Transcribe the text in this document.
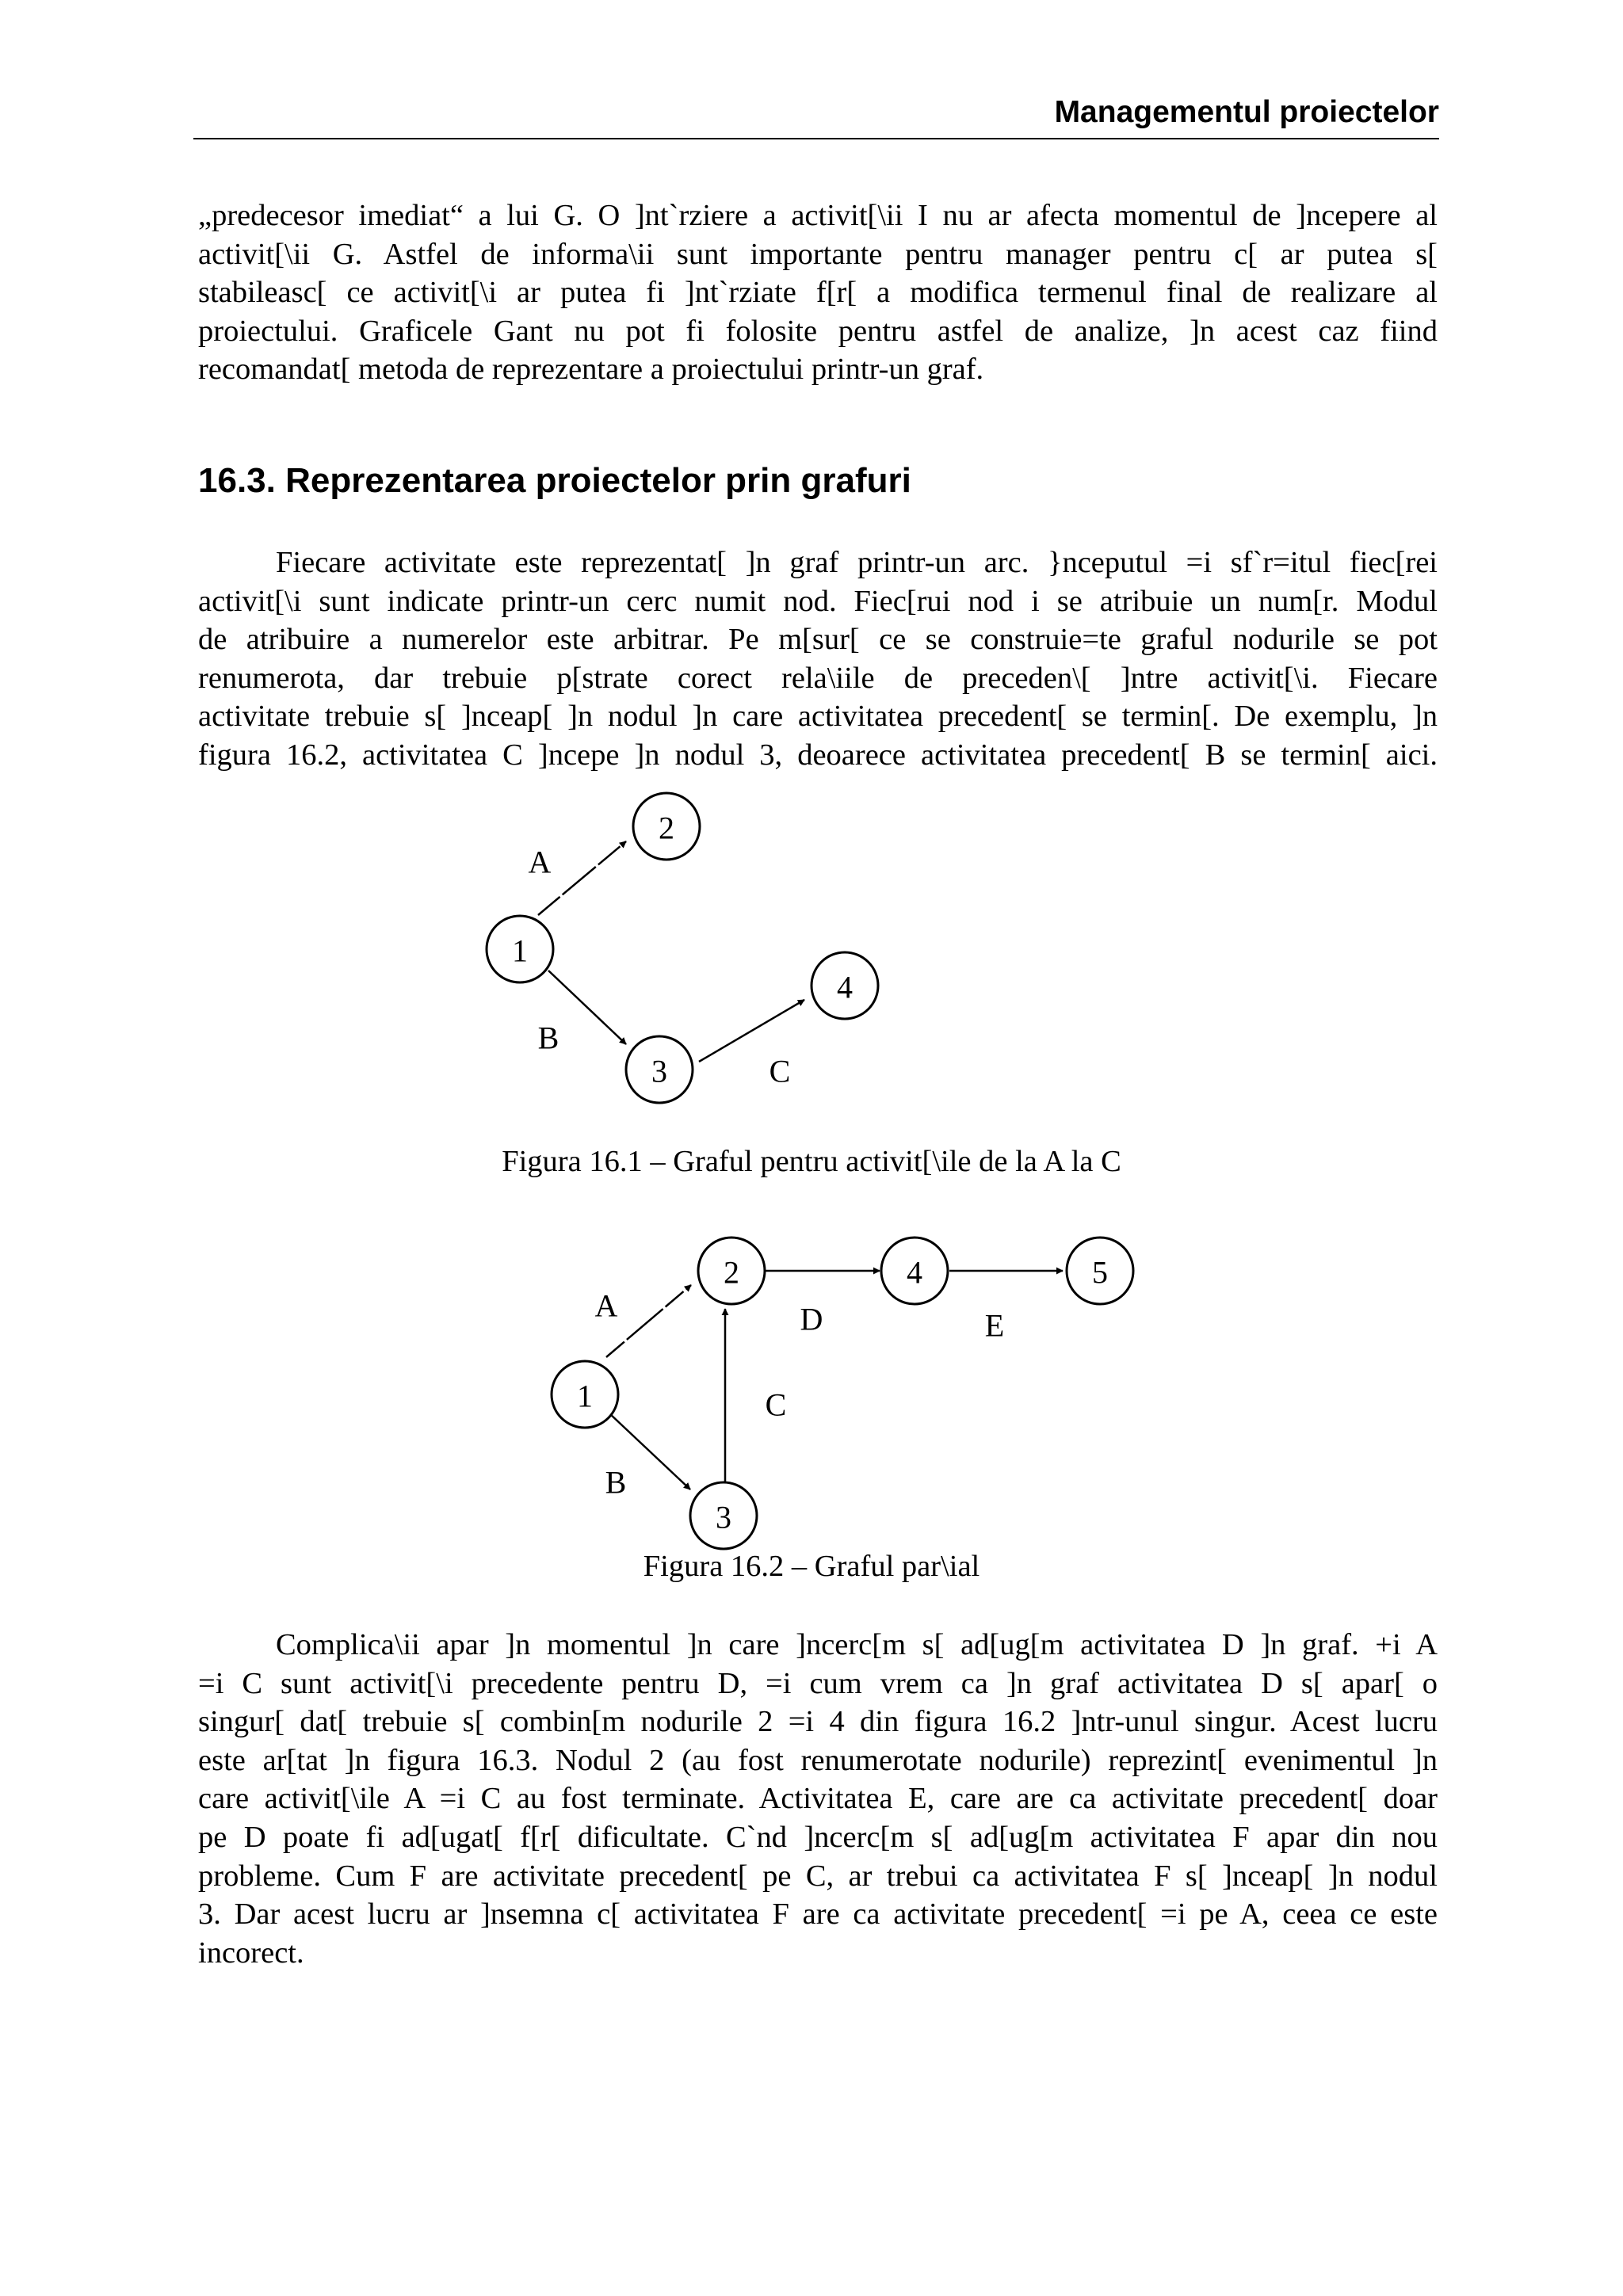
Managementul proiectelor
„predecesor imediat“ a lui G. O ]nt`rziere a activit[\ii I nu ar afecta momentul de ]ncepere al
activit[\ii G. Astfel de informa\ii sunt importante pentru manager pentru c[ ar putea s[
stabileasc[ ce activit[\i ar putea fi ]nt`rziate f[r[ a modifica termenul final de realizare al
proiectului. Graficele Gant nu pot fi folosite pentru astfel de analize, ]n acest caz fiind
recomandat[ metoda de reprezentare a proiectului printr-un graf.
16.3. Reprezentarea proiectelor prin grafuri
Fiecare activitate este reprezentat[ ]n graf printr-un arc. }nceputul =i sf`r=itul fiec[rei
activit[\i sunt indicate printr-un cerc numit nod. Fiec[rui nod i se atribuie un num[r. Modul
de atribuire a numerelor este arbitrar. Pe m[sur[ ce se construie=te graful nodurile se pot
renumerota, dar trebuie p[strate corect rela\iile de preceden\[ ]ntre activit[\i. Fiecare
activitate trebuie s[ ]nceap[ ]n nodul ]n care activitatea precedent[ se termin[. De exemplu, ]n
figura 16.2, activitatea C ]ncepe ]n nodul 3, deoarece activitatea precedent[ B se termin[ aici.
1
2
3
4
A
B
C
Figura 16.1 – Graful pentru activit[\ile de la A la C
1
2
3
4	5
A
B
C
D	E
Figura 16.2 – Graful par\ial
Complica\ii apar ]n momentul ]n care ]ncerc[m s[ ad[ug[m activitatea D ]n graf. +i A
=i C sunt activit[\i precedente pentru D, =i cum vrem ca ]n graf activitatea D s[ apar[ o
singur[ dat[ trebuie s[ combin[m nodurile 2 =i 4 din figura 16.2 ]ntr-unul singur. Acest lucru
este ar[tat ]n figura 16.3. Nodul 2 (au fost renumerotate nodurile) reprezint[ evenimentul ]n
care activit[\ile A =i C au fost terminate. Activitatea E, care are ca activitate precedent[ doar
pe D poate fi ad[ugat[ f[r[ dificultate. C`nd ]ncerc[m s[ ad[ug[m activitatea F apar din nou
probleme. Cum F are activitate precedent[ pe C, ar trebui ca activitatea F s[ ]nceap[ ]n nodul
3. Dar acest lucru ar ]nsemna c[ activitatea F are ca activitate precedent[ =i pe A, ceea ce este
incorect.
